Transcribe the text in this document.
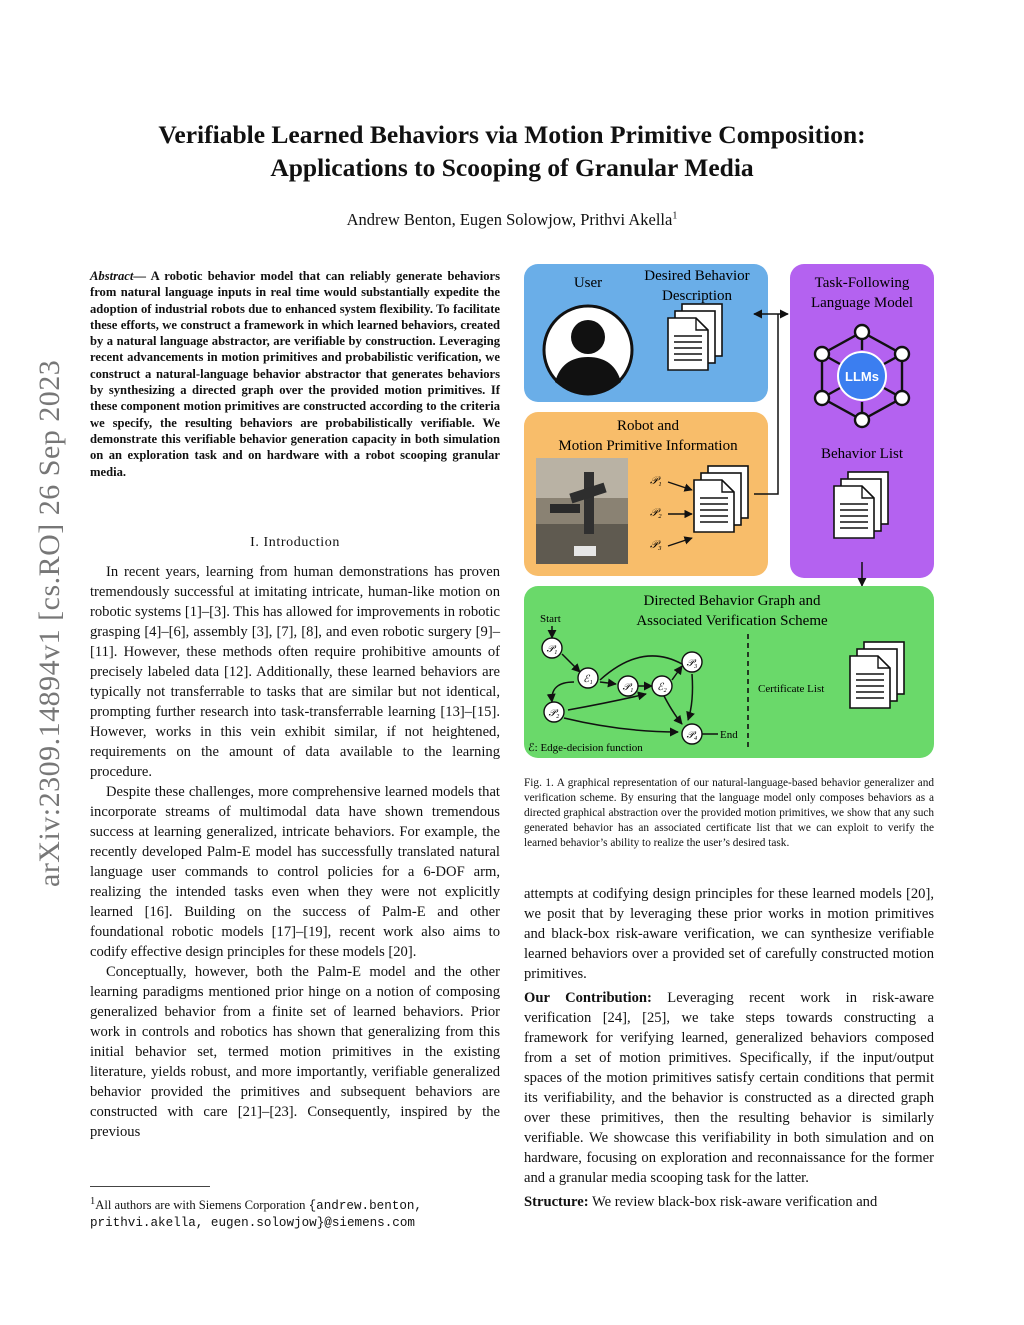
arXiv:2309.14894v1 [cs.RO] 26 Sep 2023
Verifiable Learned Behaviors via Motion Primitive Composition:
Applications to Scooping of Granular Media
Andrew Benton, Eugen Solowjow, Prithvi Akella$^1$
Abstract— A robotic behavior model that can reliably generate behaviors from natural language inputs in real time would substantially expedite the adoption of industrial robots due to enhanced system flexibility. To facilitate these efforts, we construct a framework in which learned behaviors, created by a natural language abstractor, are verifiable by construction. Leveraging recent advancements in motion primitives and probabilistic verification, we construct a natural-language behavior abstractor that generates behaviors by synthesizing a directed graph over the provided motion primitives. If these component motion primitives are constructed according to the criteria we specify, the resulting behaviors are probabilistically verifiable. We demonstrate this verifiable behavior generation capacity in both simulation on an exploration task and on hardware with a robot scooping granular media.
I. Introduction

In recent years, learning from human demonstrations has proven tremendously successful at imitating intricate, human-like motion on robotic systems [1]–[3]. This has allowed for improvements in robotic grasping [4]–[6], assembly [3], [7], [8], and even robotic surgery [9]–[11]. However, these methods often require prohibitive amounts of precisely labeled data [12]. Additionally, these learned behaviors are typically not transferrable to tasks that are similar but not identical, prompting further research into task-transferrable learning [13]–[15]. However, works in this vein exhibit similar, if not heightened, requirements on the amount of data available to the learning procedure.

Despite these challenges, more comprehensive learned models that incorporate streams of multimodal data have shown tremendous success at learning generalized, intricate behaviors. For example, the recently developed Palm-E model has successfully translated natural language user commands to control policies for a 6-DOF arm, realizing the intended tasks even when they were not explicitly learned [16]. Building on the success of Palm-E and other foundational robotic models [17]–[19], recent work also aims to codify effective design principles for these models [20].

Conceptually, however, both the Palm-E model and the other learning paradigms mentioned prior hinge on a notion of composing generalized behavior from a finite set of learned behaviors. Prior work in controls and robotics has shown that generalizing from this initial behavior set, termed motion primitives in the existing literature, yields robust, and more importantly, verifiable generalized behavior provided the primitives and subsequent behaviors are constructed with care [21]–[23]. Consequently, inspired by the previous

$^1$All authors are with Siemens Corporation {andrew.benton, prithvi.akella, eugen.solowjow}@siemens.com
User	Desired Behavior
Description
Task-Following
Language Model
LLMs
Behavior List
Robot and
Motion Primitive Information
𝒫₁
𝒫₂
𝒫₃
Directed Behavior Graph and
Associated Verification Scheme
Start
End
Certificate List
ℰ: Edge-decision function
𝒫₁
ℰ₁
𝒫₁ ℰ₂
𝒫₃
𝒫₂
𝒫₄
Fig. 1. A graphical representation of our natural-language-based behavior generalizer and verification scheme. By ensuring that the language model only composes behaviors as a directed graphical abstraction over the provided motion primitives, we show that any such generated behavior has an associated certificate list that we can exploit to verify the learned behavior’s ability to realize the user’s desired task.

attempts at codifying design principles for these learned models [20], we posit that by leveraging these prior works in motion primitives and black-box risk-aware verification, we can synthesize verifiable learned behaviors over a provided set of carefully constructed motion primitives.

Our Contribution: Leveraging recent work in risk-aware verification [24], [25], we take steps towards constructing a framework for verifying learned, generalized behaviors composed from a set of motion primitives. Specifically, if the input/output spaces of the motion primitives satisfy certain conditions that permit its verifiability, and the behavior is constructed as a directed graph over these primitives, then the resulting behavior is similarly verifiable. We showcase this verifiability in both simulation and on hardware, focusing on exploration and reconnaissance for the former and a granular media scooping task for the latter.

Structure: We review black-box risk-aware verification and
